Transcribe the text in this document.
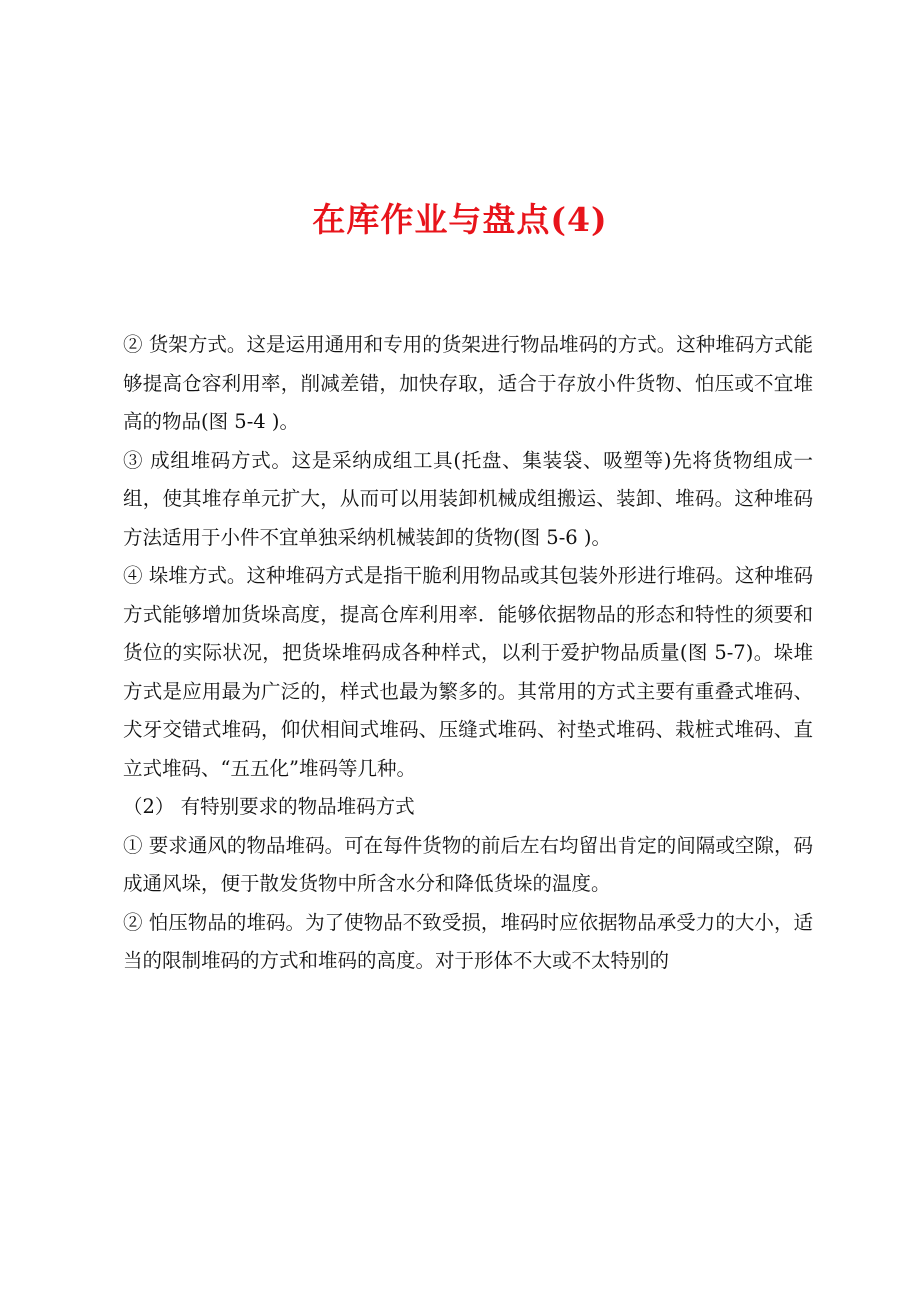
在库作业与盘点(4)

② 货架方式。这是运用通用和专用的货架进行物品堆码的方式。这种堆码方式能够提高仓容利用率，削减差错，加快存取，适合于存放小件货物、怕压或不宜堆高的物品(图 5-4 )。

③ 成组堆码方式。这是采纳成组工具(托盘、集装袋、吸塑等)先将货物组成一组，使其堆存单元扩大，从而可以用装卸机械成组搬运、装卸、堆码。这种堆码方法适用于小件不宜单独采纳机械装卸的货物(图 5-6 )。

④ 垛堆方式。这种堆码方式是指干脆利用物品或其包装外形进行堆码。这种堆码方式能够增加货垛高度，提高仓库利用率．能够依据物品的形态和特性的须要和货位的实际状况，把货垛堆码成各种样式，以利于爱护物品质量(图 5-7)。垛堆方式是应用最为广泛的，样式也最为繁多的。其常用的方式主要有重叠式堆码、犬牙交错式堆码，仰伏相间式堆码、压缝式堆码、衬垫式堆码、栽桩式堆码、直立式堆码、“五五化”堆码等几种。

（2） 有特别要求的物品堆码方式

① 要求通风的物品堆码。可在每件货物的前后左右均留出肯定的间隔或空隙，码成通风垛，便于散发货物中所含水分和降低货垛的温度。

② 怕压物品的堆码。为了使物品不致受损，堆码时应依据物品承受力的大小，适当的限制堆码的方式和堆码的高度。对于形体不大或不太特别的
